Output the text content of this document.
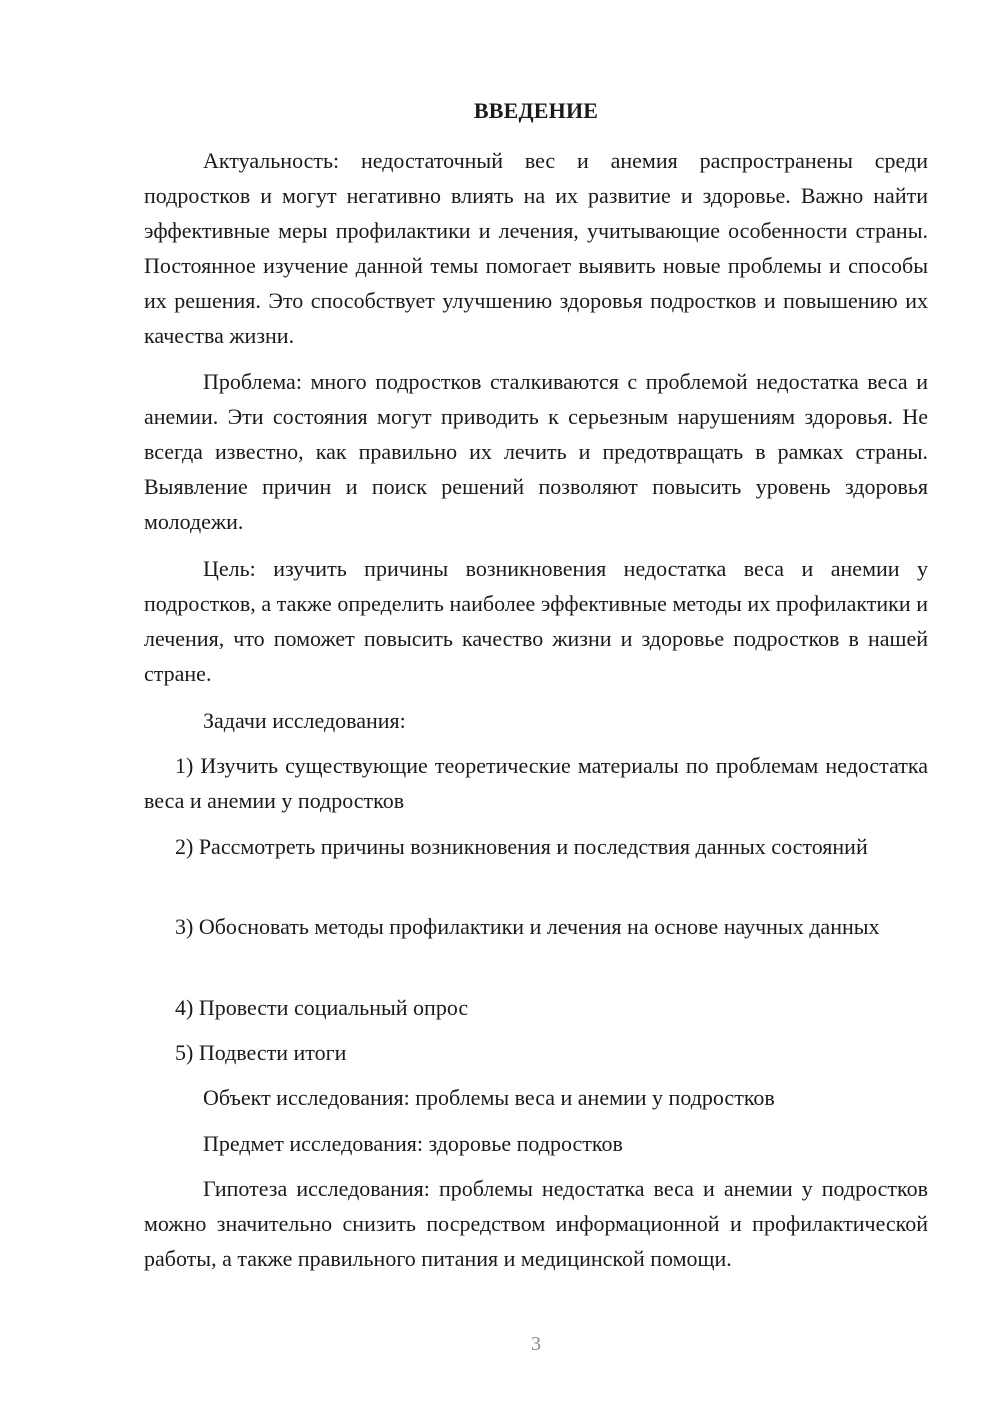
ВВЕДЕНИЕ

Актуальность: недостаточный вес и анемия распространены среди подростков и могут негативно влиять на их развитие и здоровье. Важно найти эффективные меры профилактики и лечения, учитывающие особенности страны. Постоянное изучение данной темы помогает выявить новые проблемы и способы их решения. Это способствует улучшению здоровья подростков и повышению их качества жизни.

Проблема: много подростков сталкиваются с проблемой недостатка веса и анемии. Эти состояния могут приводить к серьезным нарушениям здоровья. Не всегда известно, как правильно их лечить и предотвращать в рамках страны. Выявление причин и поиск решений позволяют повысить уровень здоровья молодежи.

Цель: изучить причины возникновения недостатка веса и анемии у подростков, а также определить наиболее эффективные методы их профилактики и лечения, что поможет повысить качество жизни и здоровье подростков в нашей стране.

Задачи исследования:

1) Изучить существующие теоретические материалы по проблемам недостатка веса и анемии у подростков

2) Рассмотреть причины возникновения и последствия данных состояний

3) Обосновать методы профилактики и лечения на основе научных данных

4) Провести социальный опрос

5) Подвести итоги

Объект исследования: проблемы веса и анемии у подростков

Предмет исследования: здоровье подростков

Гипотеза исследования: проблемы недостатка веса и анемии у подростков можно значительно снизить посредством информационной и профилактической работы, а также правильного питания и медицинской помощи.

3
